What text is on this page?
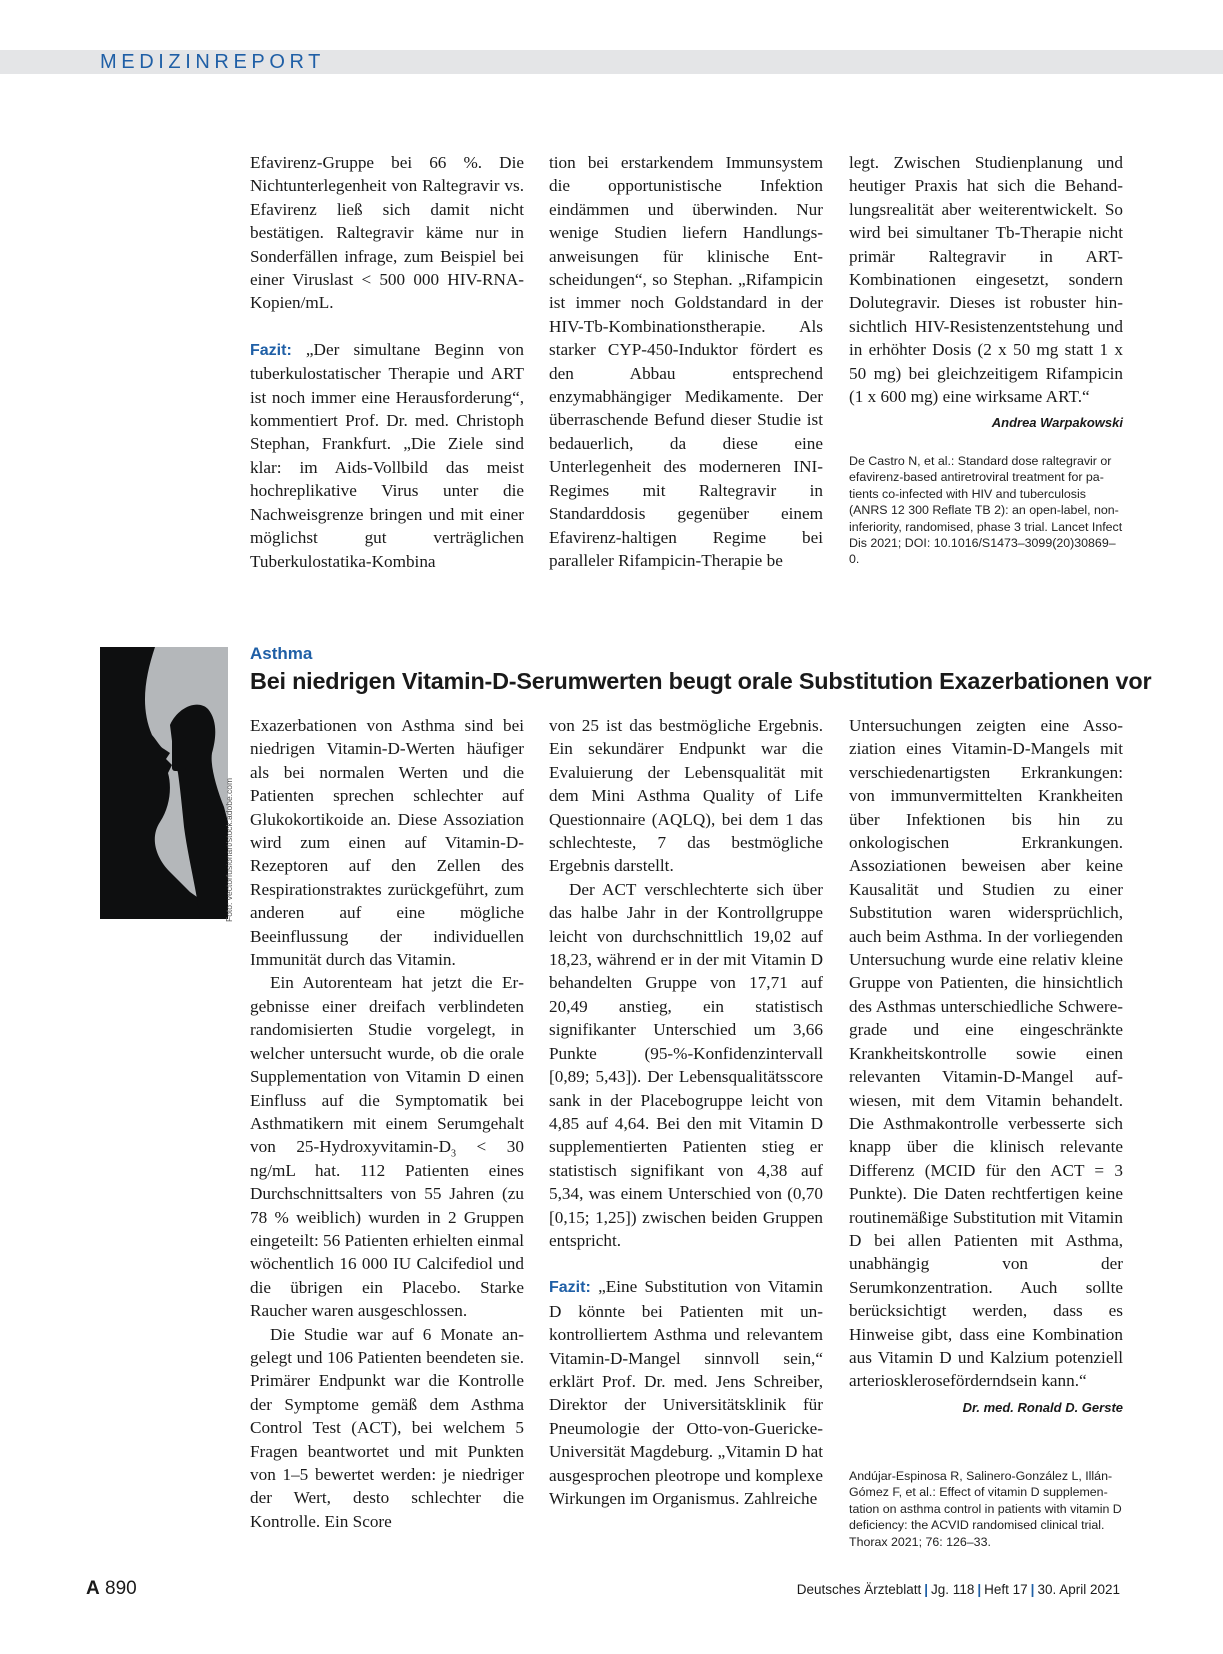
MEDIZINREPORT

Efavirenz-Gruppe bei 66 %. Die Nichtunterlegenheit von Raltegravir vs. Efavirenz ließ sich damit nicht bestätigen. Raltegravir käme nur in Sonderfällen infrage, zum Beispiel bei einer Viruslast < 500 000 HIV-RNA-Kopien/mL.

Fazit: „Der simultane Beginn von tuberkulostatischer Therapie und ART ist noch immer eine Herausforderung“, kommentiert Prof. Dr. med. Christoph Stephan, Frankfurt. „Die Ziele sind klar: im Aids-Vollbild das meist hochreplikative Virus unter die Nachweisgrenze bringen und mit einer möglichst gut verträglichen Tuberkulostatika-Kombina

tion bei erstarkendem Immunsystem die opportunistische Infektion eindämmen und überwinden. Nur wenige Studien liefern Handlungsanweisungen für klinische Entscheidungen“, so Stephan. „Rifampicin ist immer noch Goldstandard in der HIV-Tb-Kombinationstherapie. Als starker CYP-450-Induktor fördert es den Abbau entsprechend enzymabhängiger Medikamente. Der überraschende Befund dieser Studie ist bedauerlich, da diese eine Unterlegenheit des moderneren INI-Regimes mit Raltegravir in Standarddosis gegenüber einem Efavirenz-haltigen Regime bei paralleler Rifampicin-Therapie be

legt. Zwischen Studienplanung und heutiger Praxis hat sich die Behandlungsrealität aber weiterentwickelt. So wird bei simultaner Tb-Therapie nicht primär Raltegravir in ART-Kombinationen eingesetzt, sondern Dolutegravir. Dieses ist robuster hinsichtlich HIV-Resistenzentstehung und in erhöhter Dosis (2 x 50 mg statt 1 x 50 mg) bei gleichzeitigem Rifampicin (1 x 600 mg) eine wirksame ART.“
Andrea Warpakowski

De Castro N, et al.: Standard dose raltegravir or efavirenz-based antiretroviral treatment for patients co-infected with HIV and tuberculosis (ANRS 12 300 Reflate TB 2): an open-label, non-inferiority, randomised, phase 3 trial. Lancet Infect Dis 2021; DOI: 10.1016/S1473–3099(20)30869–0.
Foto: vectorfusionart/stock.adobe.com
Asthma
Bei niedrigen Vitamin-D-Serumwerten beugt orale Substitution Exazerbationen vor

Exazerbationen von Asthma sind bei niedrigen Vitamin-D-Werten häufiger als bei normalen Werten und die Patienten sprechen schlechter auf Glukokortikoide an. Diese Assoziation wird zum einen auf Vitamin-D-Rezeptoren auf den Zellen des Respirationstraktes zurückgeführt, zum anderen auf eine mögliche Beeinflussung der individuellen Immunität durch das Vitamin.

Ein Autorenteam hat jetzt die Ergebnisse einer dreifach verblindeten randomisierten Studie vorgelegt, in welcher untersucht wurde, ob die orale Supplementation von Vitamin D einen Einfluss auf die Symptomatik bei Asthmatikern mit einem Serumgehalt von $25-Hydroxyvitamin-D_3 < 30$ ng/mL hat. 112 Patienten eines Durchschnittsalters von 55 Jahren (zu 78 % weiblich) wurden in 2 Gruppen eingeteilt: 56 Patienten erhielten einmal wöchentlich 16 000 IU Calcifediol und die übrigen ein Placebo. Starke Raucher waren ausgeschlossen.

Die Studie war auf 6 Monate angelegt und 106 Patienten beendeten sie. Primärer Endpunkt war die Kontrolle der Symptome gemäß dem Asthma Control Test (ACT), bei welchem 5 Fragen beantwortet und mit Punkten von 1–5 bewertet werden: je niedriger der Wert, desto schlechter die Kontrolle. Ein Score

von 25 ist das bestmögliche Ergebnis. Ein sekundärer Endpunkt war die Evaluierung der Lebensqualität mit dem Mini Asthma Quality of Life Questionnaire (AQLQ), bei dem 1 das schlechteste, 7 das bestmögliche Ergebnis darstellt.

Der ACT verschlechterte sich über das halbe Jahr in der Kontrollgruppe leicht von durchschnittlich 19,02 auf 18,23, während er in der mit Vitamin D behandelten Gruppe von 17,71 auf 20,49 anstieg, ein statistisch signifikanter Unterschied um 3,66 Punkte (95-%-Konfidenzintervall [0,89; 5,43]). Der Lebensqualitätsscore sank in der Placebogruppe leicht von 4,85 auf 4,64. Bei den mit Vitamin D supplementierten Patienten stieg er statistisch signifikant von 4,38 auf 5,34, was einem Unterschied von (0,70 [0,15; 1,25]) zwischen beiden Gruppen entspricht.

Fazit: „Eine Substitution von Vitamin D könnte bei Patienten mit unkontrolliertem Asthma und relevantem Vitamin-D-Mangel sinnvoll sein,“ erklärt Prof. Dr. med. Jens Schreiber, Direktor der Universitätsklinik für Pneumologie der Otto-von-Guericke-Universität Magdeburg. „Vitamin D hat ausgesprochen pleotrope und komplexe Wirkungen im Organismus. Zahlreiche

Untersuchungen zeigten eine Assoziation eines Vitamin-D-Mangels mit verschiedenartigsten Erkrankungen: von immunvermittelten Krankheiten über Infektionen bis hin zu onkologischen Erkrankungen. Assoziationen beweisen aber keine Kausalität und Studien zu einer Substitution waren widersprüchlich, auch beim Asthma. In der vorliegenden Untersuchung wurde eine relativ kleine Gruppe von Patienten, die hinsichtlich des Asthmas unterschiedliche Schweregrade und eine eingeschränkte Krankheitskontrolle sowie einen relevanten Vitamin-D-Mangel aufwiesen, mit dem Vitamin behandelt. Die Asthmakontrolle verbesserte sich knapp über die klinisch relevante Differenz (MCID für den ACT = 3 Punkte). Die Daten rechtfertigen keine routinemäßige Substitution mit Vitamin D bei allen Patienten mit Asthma, unabhängig von der Serumkonzentration. Auch sollte berücksichtigt werden, dass es Hinweise gibt, dass eine Kombination aus Vitamin D und Kalzium potenziell arterioskleroseförderndsein kann.“
Dr. med. Ronald D. Gerste

Andújar-Espinosa R, Salinero-González L, Illán-Gómez F, et al.: Effect of vitamin D supplementation on asthma control in patients with vitamin D deficiency: the ACVID randomised clinical trial. Thorax 2021; 76: 126–33.
A 890	Deutsches Ärzteblatt | Jg. 118 | Heft 17 | 30. April 2021
